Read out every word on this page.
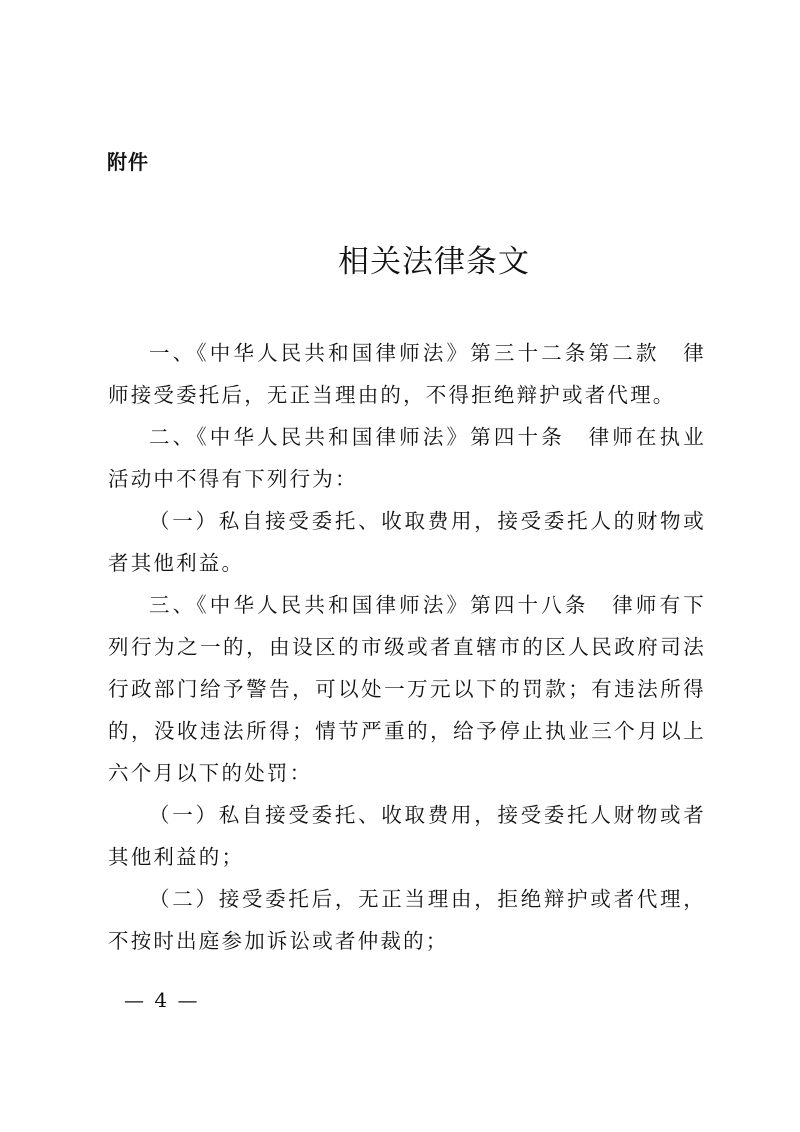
附件
相关法律条文

一、《中华人民共和国律师法》第三十二条第二款　律师接受委托后，无正当理由的，不得拒绝辩护或者代理。

二、《中华人民共和国律师法》第四十条　律师在执业活动中不得有下列行为：

（一）私自接受委托、收取费用，接受委托人的财物或者其他利益。

三、《中华人民共和国律师法》第四十八条　律师有下列行为之一的，由设区的市级或者直辖市的区人民政府司法行政部门给予警告，可以处一万元以下的罚款；有违法所得的，没收违法所得；情节严重的，给予停止执业三个月以上六个月以下的处罚：

（一）私自接受委托、收取费用，接受委托人财物或者其他利益的；

（二）接受委托后，无正当理由，拒绝辩护或者代理，不按时出庭参加诉讼或者仲裁的；

— 4 —
